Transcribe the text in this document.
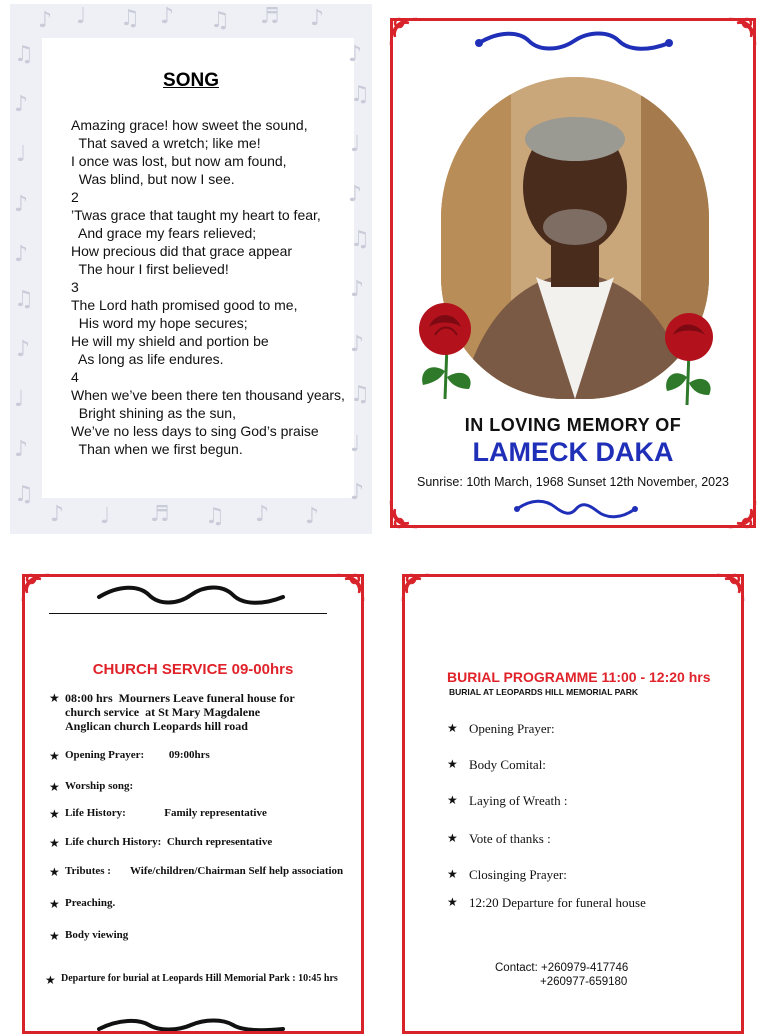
♪ ♩ ♫ ♪ ♫ ♬ ♪
♫
♪
♩
♪
♪
♫
♪
♩
♪
♫
♪
♫
♩
♪
♫
♪
♪
♫
♩
♪
♪ ♩ ♬ ♫ ♪ ♪
SONG
Amazing grace! how sweet the sound,
That saved a wretch; like me!
I once was lost, but now am found,
Was blind, but now I see.
2
’Twas grace that taught my heart to fear,
And grace my fears relieved;
How precious did that grace appear
The hour I first believed!
3
The Lord hath promised good to me,
His word my hope secures;
He will my shield and portion be
As long as life endures.
4
When we’ve been there ten thousand years,
Bright shining as the sun,
We’ve no less days to sing God’s praise
Than when we first begun.
IN LOVING MEMORY OF
LAMECK DAKA
Sunrise: 10th March, 1968 Sunset 12th November, 2023
CHURCH SERVICE 09-00hrs
★ 08:00 hrs  Mourners Leave funeral house for
church service  at St Mary Magdalene
Anglican church Leopards hill road
★ Opening Prayer:         09:00hrs
★ Worship song:
★ Life History:              Family representative
★ Life church History:  Church representative
★ Tributes :       Wife/children/Chairman Self help association
★ Preaching.
★ Body viewing
★ Departure for burial at Leopards Hill Memorial Park : 10:45 hrs
BURIAL PROGRAMME 11:00 - 12:20 hrs
BURIAL AT LEOPARDS HILL MEMORIAL PARK
★ Opening Prayer:
★ Body Comital:
★ Laying of Wreath :
★ Vote of thanks :
★ Closinging Prayer:
★ 12:20 Departure for funeral house
Contact: +260979-417746
+260977-659180
